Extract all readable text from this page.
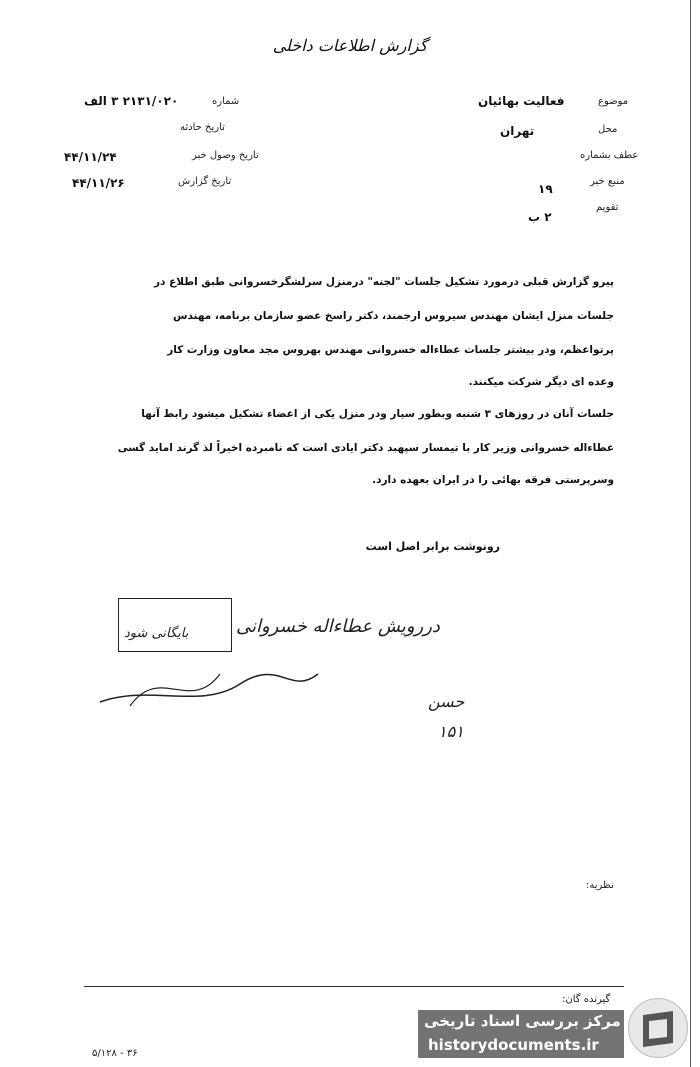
گزارش اطلاعات داخلی
شماره
۲۱۳۱/۰۲۰ ۳ الف
تاریخ حادثه
تاریخ وصول خبر
۴۴/۱۱/۲۴
تاریخ گزارش
۴۴/۱۱/۲۶
موضوع
فعالیت بهائیان
محل
تهران
عطف بشماره
منبع خبر
۱۹
تقویم
۲ ب
پیرو گزارش قبلی درمورد تشکیل جلسات "لجنه" درمنزل سرلشگرخسروانی طبق اطلاع در
جلسات منزل ایشان مهندس سیروس ارجمند، دکتر راسخ عضو سازمان برنامه، مهندس
پرتواعظم، ودر بیشتر جلسات عطاءاله خسروانی مهندس بهروس مجد معاون وزارت کار
وعده ای دیگر شرکت میکنند.
جلسات آنان در روزهای ۳ شنبه وبطور سیار ودر منزل یکی از اعضاء تشکیل میشود رابط آنها
عطاءاله خسروانی وزیر کار با تیمسار سپهبد دکتر ایادی است که نامبرده اخیراً لذ گرند اماید گسی
وسرپرستی فرقه بهائی را در ایران بعهده دارد.
رونوشت برابر اصل است
بایگانی شود	دررویش عطاءاله خسروانی
حسن
۱۵۱
نظریه:
گیرنده گان:
۵/۱۲۸ - ۳۶
مرکز بررسی اسناد تاریخی
historydocuments.ir
